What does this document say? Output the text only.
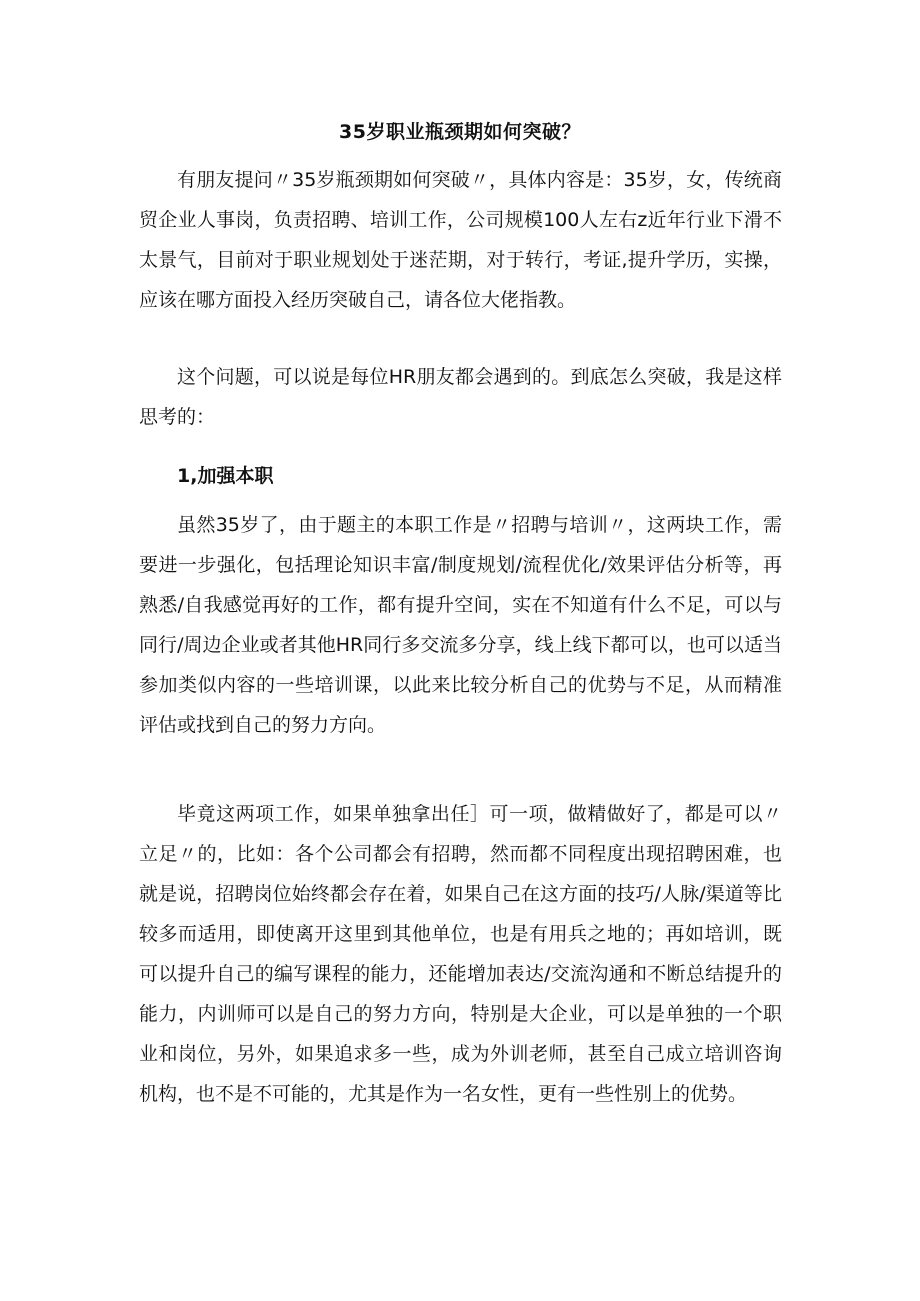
35岁职业瓶颈期如何突破？

有朋友提问〃35岁瓶颈期如何突破〃，具体内容是：35岁，女，传统商贸企业人事岗，负责招聘、培训工作，公司规模100人左右z近年行业下滑不太景气，目前对于职业规划处于迷茫期，对于转行，考证,提升学历，实操，应该在哪方面投入经历突破自己，请各位大佬指教。

这个问题，可以说是每位HR朋友都会遇到的。到底怎么突破，我是这样思考的：

1,加强本职

虽然35岁了，由于题主的本职工作是〃招聘与培训〃，这两块工作，需要进一步强化，包括理论知识丰富/制度规划/流程优化/效果评估分析等，再熟悉/自我感觉再好的工作，都有提升空间，实在不知道有什么不足，可以与同行/周边企业或者其他HR同行多交流多分享，线上线下都可以，也可以适当参加类似内容的一些培训课，以此来比较分析自己的优势与不足，从而精准评估或找到自己的努力方向。

毕竟这两项工作，如果单独拿出任］可一项，做精做好了，都是可以〃立足〃的，比如：各个公司都会有招聘，然而都不同程度出现招聘困难，也就是说，招聘岗位始终都会存在着，如果自己在这方面的技巧/人脉/渠道等比较多而适用，即使离开这里到其他单位，也是有用兵之地的；再如培训，既可以提升自己的编写课程的能力，还能增加表达/交流沟通和不断总结提升的能力，内训师可以是自己的努力方向，特别是大企业，可以是单独的一个职业和岗位，另外，如果追求多一些，成为外训老师，甚至自己成立培训咨询机构，也不是不可能的，尤其是作为一名女性，更有一些性别上的优势。
